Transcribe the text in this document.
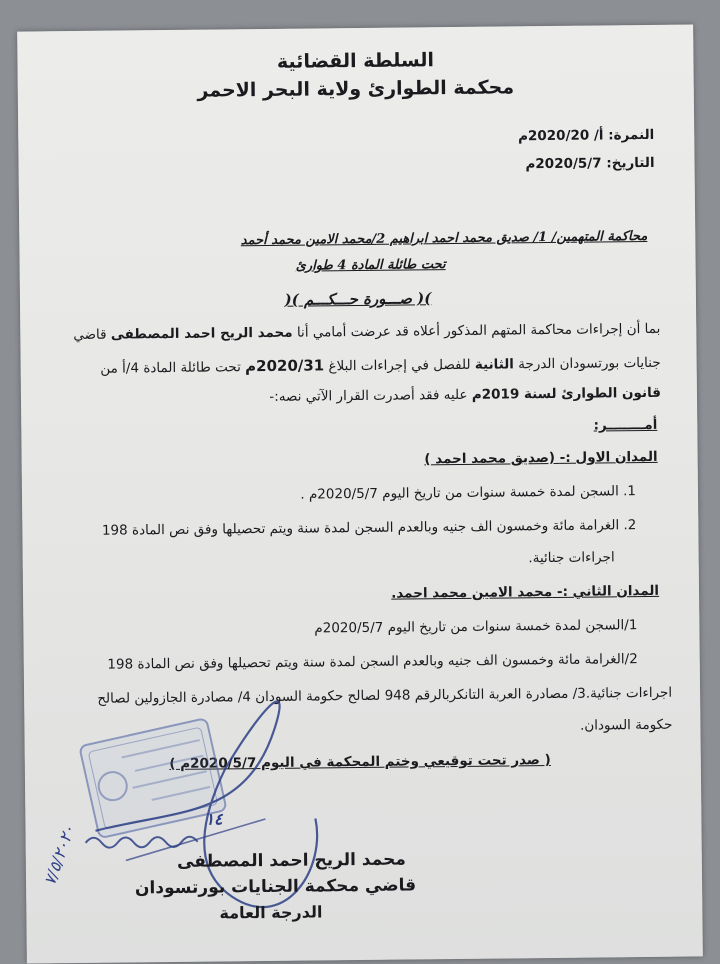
السلطة القضائية
محكمة الطوارئ ولاية البحر الاحمر
النمرة: أ/ 2020/20م
التاريخ: 2020/5/7م
محاكمة المتهمين/ 1/ صديق محمد احمد ابراهيم 2/محمد الامين محمد أحمد
تحت طائلة المادة 4 طوارئ
)( صـــورة حـــكـــم )(
بما أن إجراءات محاكمة المتهم المذكور أعلاه قد عرضت أمامي أنا محمد الريح احمد المصطفى قاضي
جنايات بورتسودان الدرجة الثانية للفصل في إجراءات البلاغ 2020/31م تحت طائلة المادة 4/أ من
قانون الطوارئ لسنة 2019م عليه فقد أصدرت القرار الآتي نصه:-
أمــــــــر:
المدان الاول :- (صديق محمد احمد )
1. السجن لمدة خمسة سنوات من تاريخ اليوم 2020/5/7م .
2. الغرامة مائة وخمسون الف جنيه وبالعدم السجن لمدة سنة ويتم تحصيلها وفق نص المادة 198
اجراءات جنائية.
المدان الثاني :- محمد الامين محمد احمد.
1/السجن لمدة خمسة سنوات من تاريخ اليوم 2020/5/7م
2/الغرامة مائة وخمسون الف جنيه وبالعدم السجن لمدة سنة ويتم تحصيلها وفق نص المادة 198
اجراءات جنائية.3/ مصادرة العربة التانكربالرقم 948 لصالح حكومة السودان 4/ مصادرة الجازولين لصالح
حكومة السودان.
( صدر تحت توقيعي وختم المحكمة في اليوم 2020/5/7م )
١٤
٧/٥/٢٠٢٠	محمد الريح احمد المصطفى
قاضي محكمة الجنايات بورتسودان
الدرجة العامة
